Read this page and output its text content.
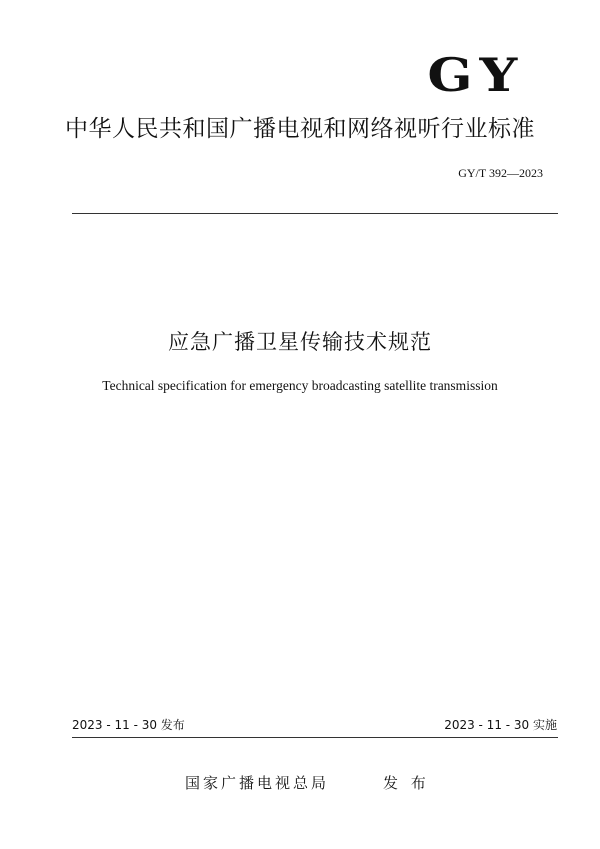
GY
中华人民共和国广播电视和网络视听行业标准
GY/T 392—2023
应急广播卫星传输技术规范
Technical specification for emergency broadcasting satellite transmission
2023 - 11 - 30 发布	2023 - 11 - 30 实施
国家广播电视总局	发 布
